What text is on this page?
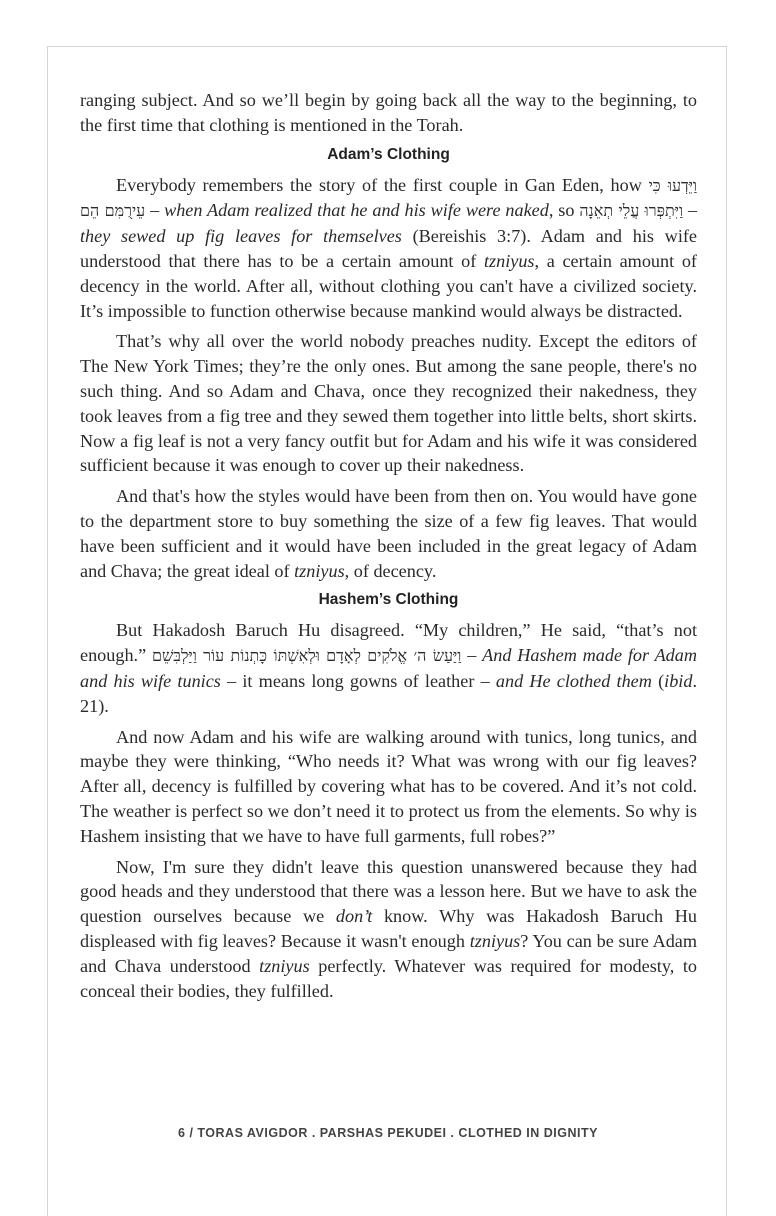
ranging subject. And so we’ll begin by going back all the way to the beginning, to the first time that clothing is mentioned in the Torah.

Adam’s Clothing

Everybody remembers the story of the first couple in Gan Eden, how וַיֵּדְעוּ כִּי עֵירֻמִּם הֵם – when Adam realized that he and his wife were naked, so וַיִּתְפְּרוּ עֲלֵי תְאֵנָה – they sewed up fig leaves for themselves (Bereishis 3:7). Adam and his wife understood that there has to be a certain amount of tzniyus, a certain amount of decency in the world. After all, without clothing you can't have a civilized society. It’s impossible to function otherwise because mankind would always be distracted.

That’s why all over the world nobody preaches nudity. Except the editors of The New York Times; they’re the only ones. But among the sane people, there's no such thing. And so Adam and Chava, once they recognized their nakedness, they took leaves from a fig tree and they sewed them together into little belts, short skirts. Now a fig leaf is not a very fancy outfit but for Adam and his wife it was considered sufficient because it was enough to cover up their nakedness.

And that's how the styles would have been from then on. You would have gone to the department store to buy something the size of a few fig leaves. That would have been sufficient and it would have been included in the great legacy of Adam and Chava; the great ideal of tzniyus, of decency.

Hashem’s Clothing

But Hakadosh Baruch Hu disagreed. “My children,” He said, “that’s not enough.” וַיַּעַשׂ ה׳ אֱלֹקִים לְאָדָם וּלְאִשְׁתּוֹ כָּתְנוֹת עוֹר וַיַּלְבִּשֵׁם – And Hashem made for Adam and his wife tunics – it means long gowns of leather – and He clothed them (ibid. 21).

And now Adam and his wife are walking around with tunics, long tunics, and maybe they were thinking, “Who needs it? What was wrong with our fig leaves? After all, decency is fulfilled by covering what has to be covered. And it’s not cold. The weather is perfect so we don’t need it to protect us from the elements. So why is Hashem insisting that we have to have full garments, full robes?”

Now, I'm sure they didn't leave this question unanswered because they had good heads and they understood that there was a lesson here. But we have to ask the question ourselves because we don’t know. Why was Hakadosh Baruch Hu displeased with fig leaves? Because it wasn't enough tzniyus? You can be sure Adam and Chava understood tzniyus perfectly. Whatever was required for modesty, to conceal their bodies, they fulfilled.

6 / TORAS AVIGDOR . PARSHAS PEKUDEI . CLOTHED IN DIGNITY
